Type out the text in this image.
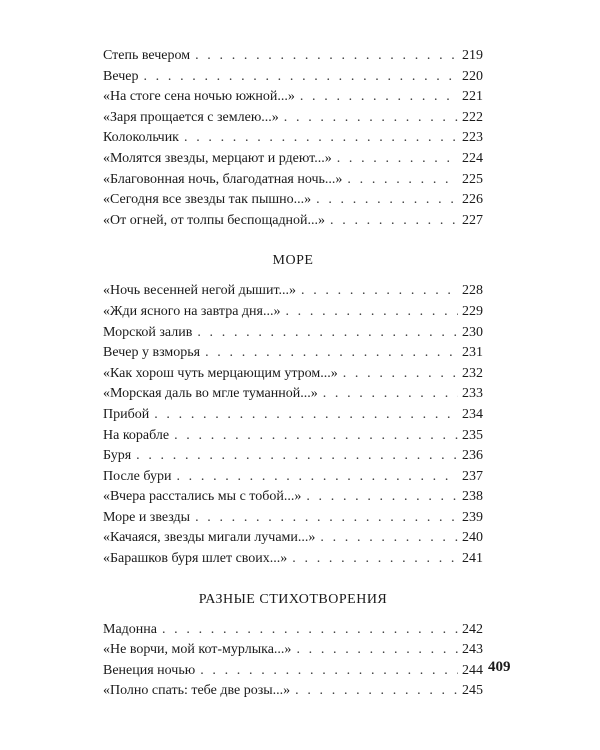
Степь вечером . . .	219
Вечер . . .	220
«На стоге сена ночью южной...» . . .	221
«Заря прощается с землею...» . . .	222
Колокольчик . . .	223
«Молятся звезды, мерцают и рдеют...» . . .	224
«Благовонная ночь, благодатная ночь...» . . .	225
«Сегодня все звезды так пышно...» . . .	226
«От огней, от толпы беспощадной...» . . .	227
МОРЕ
«Ночь весенней негой дышит...» . . .	228
«Жди ясного на завтра дня...» . . .	229
Морской залив . . .	230
Вечер у взморья . . .	231
«Как хорош чуть мерцающим утром...» . . .	232
«Морская даль во мгле туманной...» . . .	233
Прибой . . .	234
На корабле . . .	235
Буря . . .	236
После бури . . .	237
«Вчера расстались мы с тобой...» . . .	238
Море и звезды . . .	239
«Качаяся, звезды мигали лучами...» . . .	240
«Барашков буря шлет своих...» . . .	241
РАЗНЫЕ СТИХОТВОРЕНИЯ
Мадонна . . .	242
«Не ворчи, мой кот-мурлыка...» . . .	243
Венеция ночью . . .	244
«Полно спать: тебе две розы...» . . .	245
409
